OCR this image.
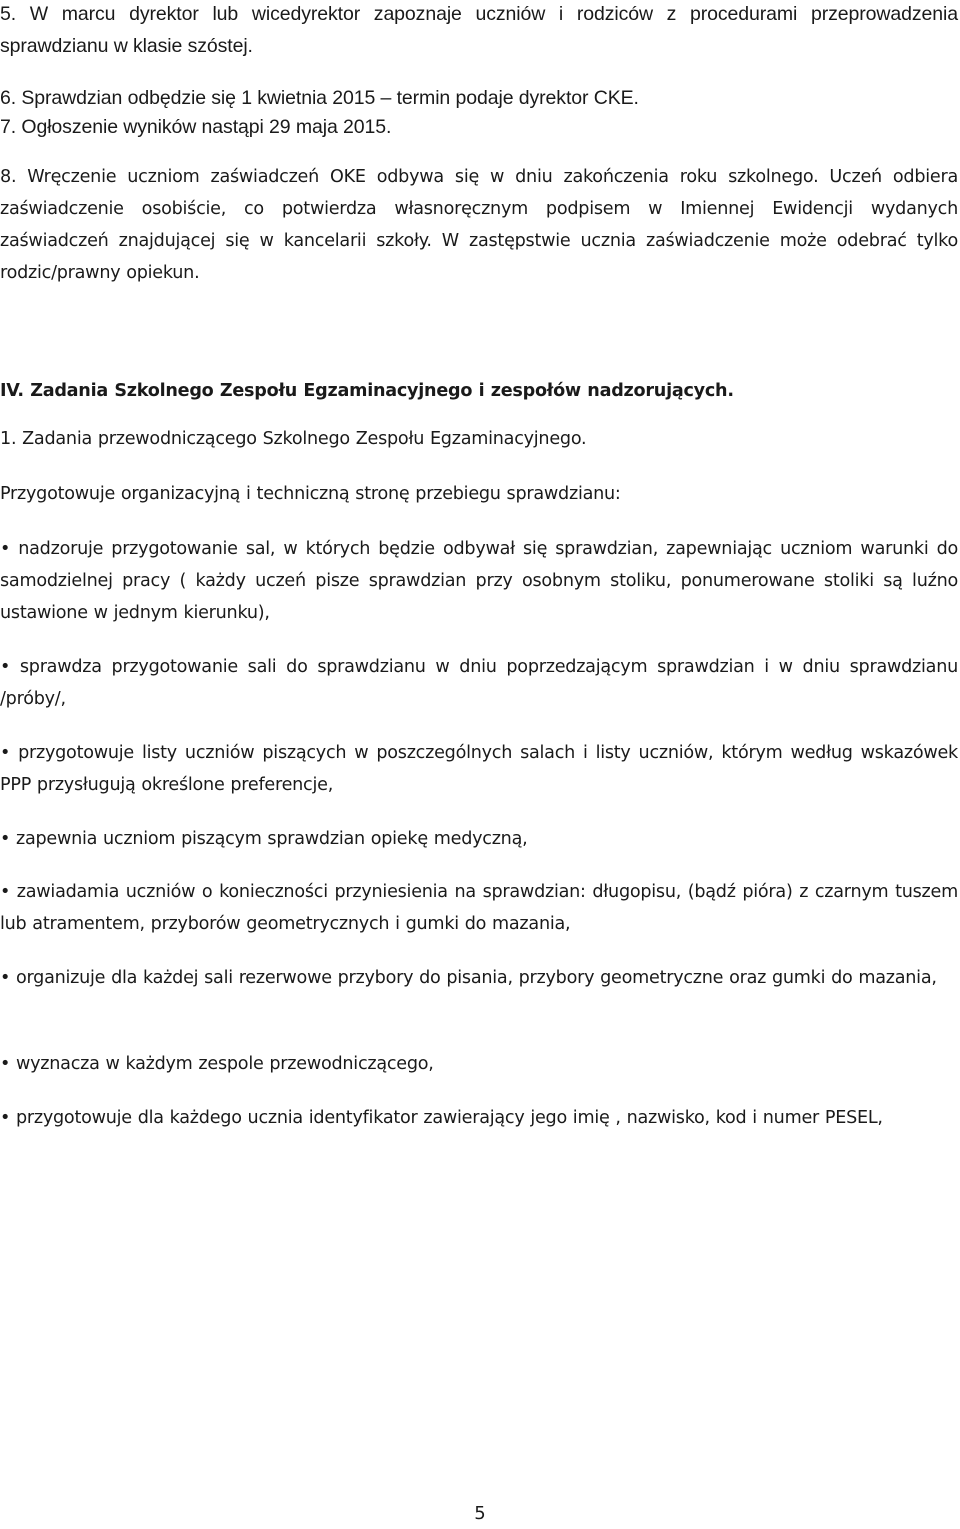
5. W marcu dyrektor lub wicedyrektor zapoznaje uczniów i rodziców z procedurami przeprowadzenia sprawdzianu w klasie szóstej.

6. Sprawdzian odbędzie się 1 kwietnia 2015 – termin podaje dyrektor CKE.

7. Ogłoszenie wyników nastąpi 29 maja 2015.

8. Wręczenie uczniom zaświadczeń OKE odbywa się w dniu zakończenia roku szkolnego. Uczeń odbiera zaświadczenie osobiście, co potwierdza własnoręcznym podpisem w Imiennej Ewidencji wydanych zaświadczeń znajdującej się w kancelarii szkoły. W zastępstwie ucznia zaświadczenie może odebrać tylko rodzic/prawny opiekun.

IV. Zadania Szkolnego Zespołu Egzaminacyjnego i zespołów nadzorujących.

1. Zadania przewodniczącego Szkolnego Zespołu Egzaminacyjnego.

Przygotowuje organizacyjną i techniczną stronę przebiegu sprawdzianu:

• nadzoruje przygotowanie sal, w których będzie odbywał się sprawdzian, zapewniając uczniom warunki do samodzielnej pracy ( każdy uczeń pisze sprawdzian przy osobnym stoliku, ponumerowane stoliki są luźno ustawione w jednym kierunku),

• sprawdza przygotowanie sali do sprawdzianu w dniu poprzedzającym sprawdzian i w dniu sprawdzianu /próby/,

• przygotowuje listy uczniów piszących w poszczególnych salach i listy uczniów, którym według wskazówek PPP przysługują określone preferencje,

• zapewnia uczniom piszącym sprawdzian opiekę medyczną,

• zawiadamia uczniów o konieczności przyniesienia na sprawdzian: długopisu, (bądź pióra) z czarnym tuszem lub atramentem, przyborów geometrycznych i gumki do mazania,

• organizuje dla każdej sali rezerwowe przybory do pisania, przybory geometryczne oraz gumki do mazania,

• wyznacza w każdym zespole przewodniczącego,

• przygotowuje dla każdego ucznia identyfikator zawierający jego imię , nazwisko, kod i numer PESEL,

5
